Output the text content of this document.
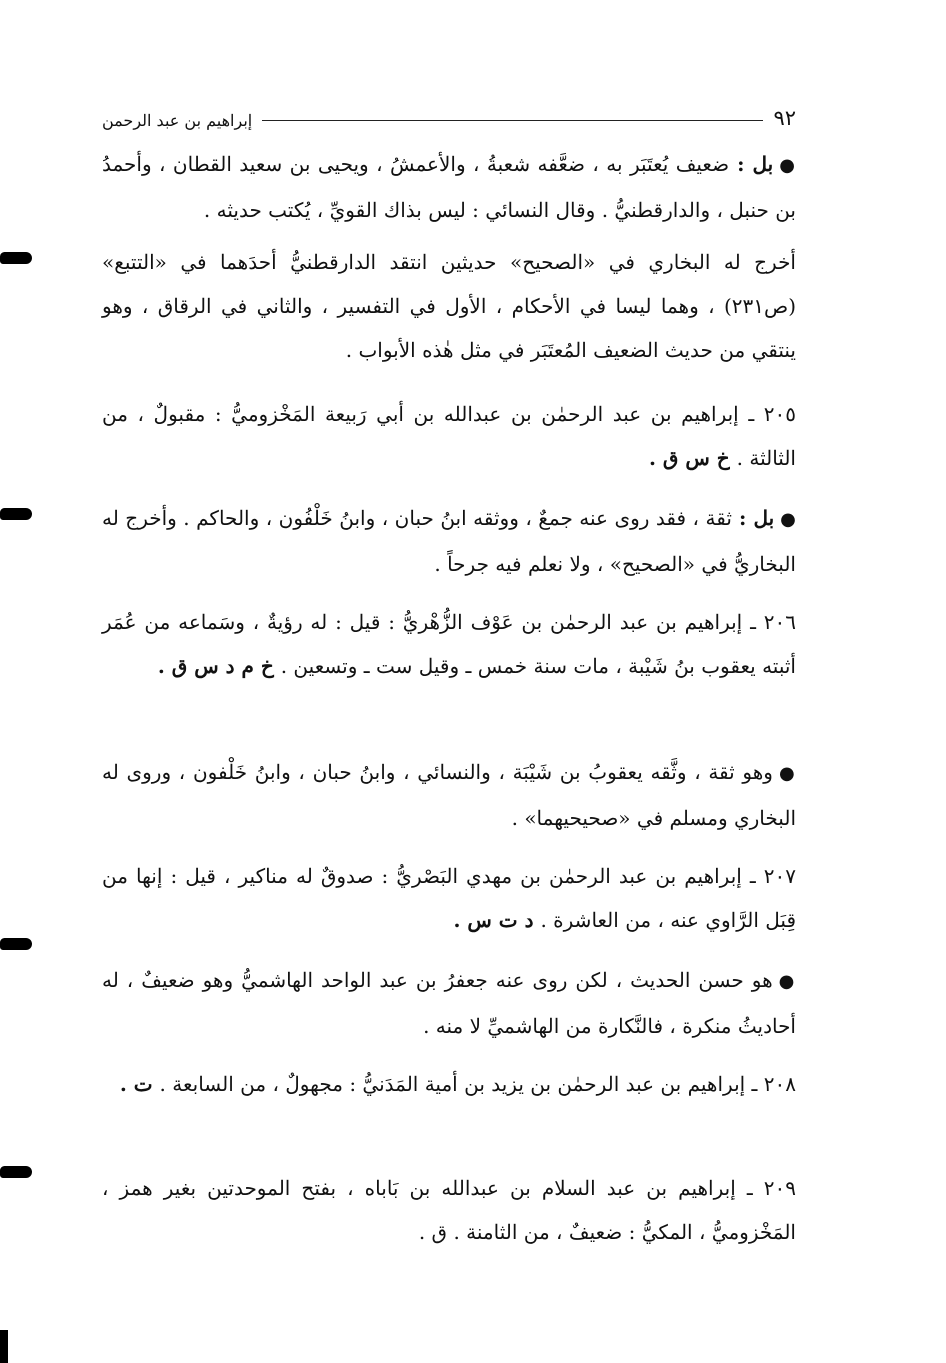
٩٢
إبراهيم بن عبد الرحمن
●بل : ضعيف يُعتَبَر به ، ضعَّفه شعبةُ ، والأعمشُ ، ويحيى بن سعيد القطان ، وأحمدُ بن حنبل ، والدارقطنيُّ . وقال النسائي : ليس بذاك القويِّ ، يُكتب حديثه .
أخرج له البخاري في «الصحيح» حديثين انتقد الدارقطنيُّ أحدَهما في «التتبع» (ص٢٣١) ، وهما ليسا في الأحكام ، الأول في التفسير ، والثاني في الرقاق ، وهو ينتقي من حديث الضعيف المُعتَبَر في مثل هٰذه الأبواب .
٢٠٥ ـ إبراهيم بن عبد الرحمٰن بن عبدالله بن أبي رَبيعة المَخْزوميُّ : مقبولٌ ، من الثالثة . خ س ق .
●بل : ثقة ، فقد روى عنه جمعٌ ، ووثقه ابنُ حبان ، وابنُ خَلْفُون ، والحاكم . وأخرج له البخاريُّ في «الصحيح» ، ولا نعلم فيه جرحاً .
٢٠٦ ـ إبراهيم بن عبد الرحمٰن بن عَوْف الزُّهْريُّ : قيل : له رؤيةٌ ، وسَماعه من عُمَر أثبته يعقوب بنُ شَيْبة ، مات سنة خمس ـ وقيل ست ـ وتسعين . خ م د س ق .
●وهو ثقة ، وثَّقه يعقوبُ بن شَيْبَة ، والنسائي ، وابنُ حبان ، وابنُ خَلْفون ، وروى له البخاري ومسلم في «صحيحيهما» .
٢٠٧ ـ إبراهيم بن عبد الرحمٰن بن مهدي البَصْريُّ : صدوقٌ له مناكير ، قيل : إنها من قِبَل الرَّاوي عنه ، من العاشرة . د ت س .
●هو حسن الحديث ، لكن روى عنه جعفرُ بن عبد الواحد الهاشميُّ وهو ضعيفٌ ، له أحاديثُ منكرة ، فالنَّكارة من الهاشميِّ لا منه .
٢٠٨ ـ إبراهيم بن عبد الرحمٰن بن يزيد بن أمية المَدَنيُّ : مجهولٌ ، من السابعة . ت .
٢٠٩ ـ إبراهيم بن عبد السلام بن عبدالله بن بَاباه ، بفتح الموحدتين بغير همز ، المَخْزوميُّ ، المكيُّ : ضعيفٌ ، من الثامنة . ق .
